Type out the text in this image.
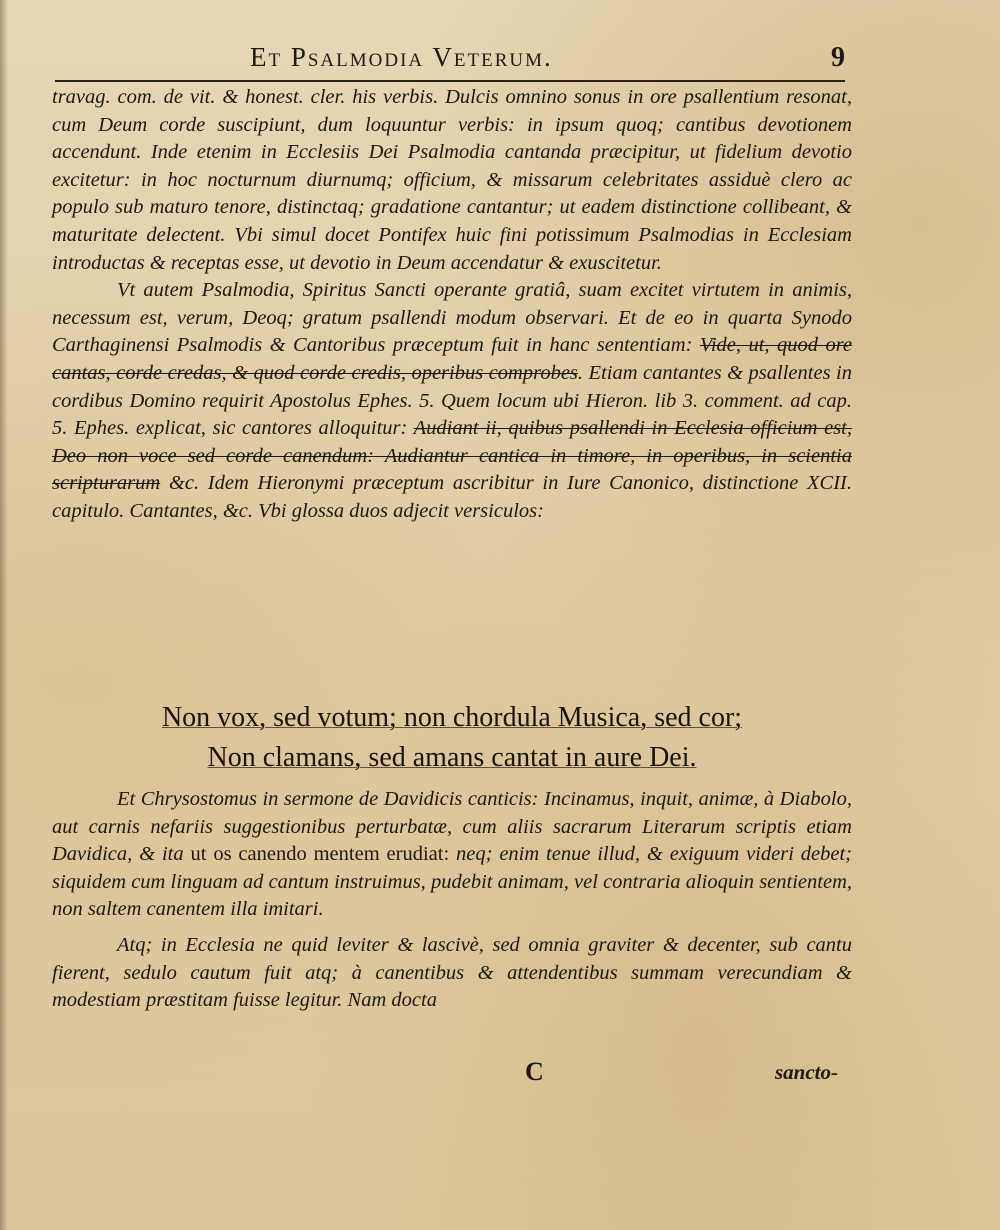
Et Psalmodia Veterum.	9

travag. com. de vit. & honest. cler. his verbis. Dulcis omnino sonus in ore psallentium resonat, cum Deum corde suscipiunt, dum loquuntur verbis: in ipsum quoq; cantibus devotionem accendunt. Inde etenim in Ecclesiis Dei Psalmodia cantanda præcipitur, ut fidelium devotio excitetur: in hoc nocturnum diurnumq; officium, & missarum celebritates assiduè clero ac populo sub maturo tenore, distinctaq; gradatione cantantur; ut eadem distinctione collibeant, & maturitate delectent. Vbi simul docet Pontifex huic fini potissimum Psalmodias in Ecclesiam introductas & receptas esse, ut devotio in Deum accendatur & exuscitetur.

Vt autem Psalmodia, Spiritus Sancti operante gratiâ, suam excitet virtutem in animis, necessum est, verum, Deoq; gratum psallendi modum observari. Et de eo in quarta Synodo Carthaginensi Psalmodis & Cantoribus præceptum fuit in hanc sententiam: Vide, ut, quod ore cantas, corde credas, & quod corde credis, operibus comprobes. Etiam cantantes & psallentes in cordibus Domino requirit Apostolus Ephes. 5. Quem locum ubi Hieron. lib 3. comment. ad cap. 5. Ephes. explicat, sic cantores alloquitur: Audiant ii, quibus psallendi in Ecclesia officium est, Deo non voce sed corde canendum: Audiantur cantica in timore, in operibus, in scientia scripturarum &c. Idem Hieronymi præceptum ascribitur in Iure Canonico, distinctione XCII. capitulo. Cantantes, &c. Vbi glossa duos adjecit versiculos:

Non vox, sed votum; non chordula Musica, sed cor;
Non clamans, sed amans cantat in aure Dei.

Et Chrysostomus in sermone de Davidicis canticis: Incinamus, inquit, animæ, à Diabolo, aut carnis nefariis suggestionibus perturbatæ, cum aliis sacrarum Literarum scriptis etiam Davidica, & ita ut os canendo mentem erudiat: neq; enim tenue illud, & exiguum videri debet; siquidem cum linguam ad cantum instruimus, pudebit animam, vel contraria alioquin sentientem, non saltem canentem illa imitari.

Atq; in Ecclesia ne quid leviter & lascivè, sed omnia graviter & decenter, sub cantu fierent, sedulo cautum fuit atq; à canentibus & attendentibus summam verecundiam & modestiam præstitam fuisse legitur. Nam docta

C	sancto-
